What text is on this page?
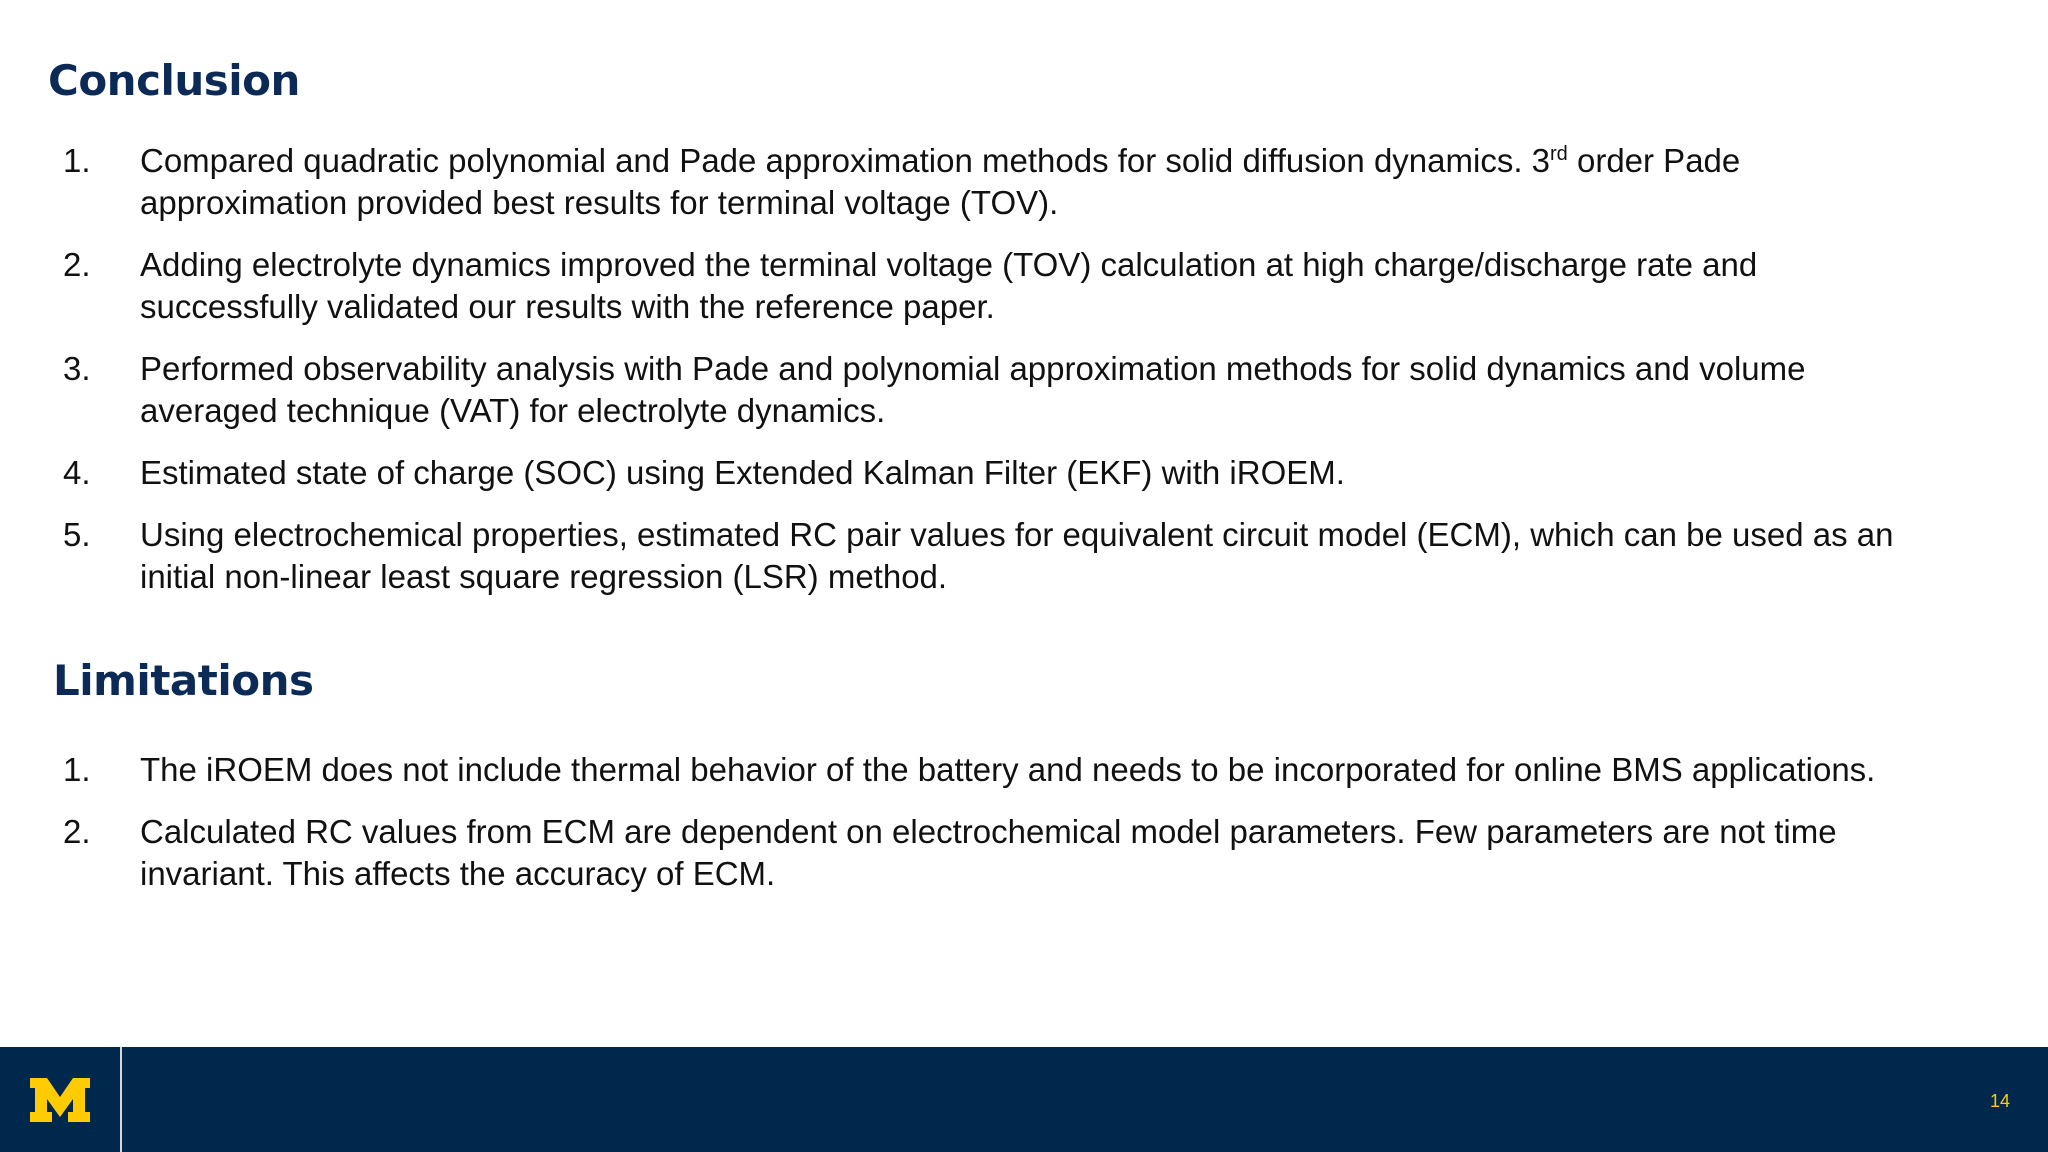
Conclusion
1. Compared quadratic polynomial and Pade approximation methods for solid diffusion dynamics. 3rd order Pade approximation provided best results for terminal voltage (TOV).
2. Adding electrolyte dynamics improved the terminal voltage (TOV) calculation at high charge/discharge rate and successfully validated our results with the reference paper.
3. Performed observability analysis with Pade and polynomial approximation methods for solid dynamics and volume averaged technique (VAT) for electrolyte dynamics.
4. Estimated state of charge (SOC) using Extended Kalman Filter (EKF) with iROEM.
5. Using electrochemical properties, estimated RC pair values for equivalent circuit model (ECM), which can be used as an initial non-linear least square regression (LSR) method.
Limitations
1. The iROEM does not include thermal behavior of the battery and needs to be incorporated for online BMS applications.
2. Calculated RC values from ECM are dependent on electrochemical model parameters. Few parameters are not time invariant. This affects the accuracy of ECM.
14
